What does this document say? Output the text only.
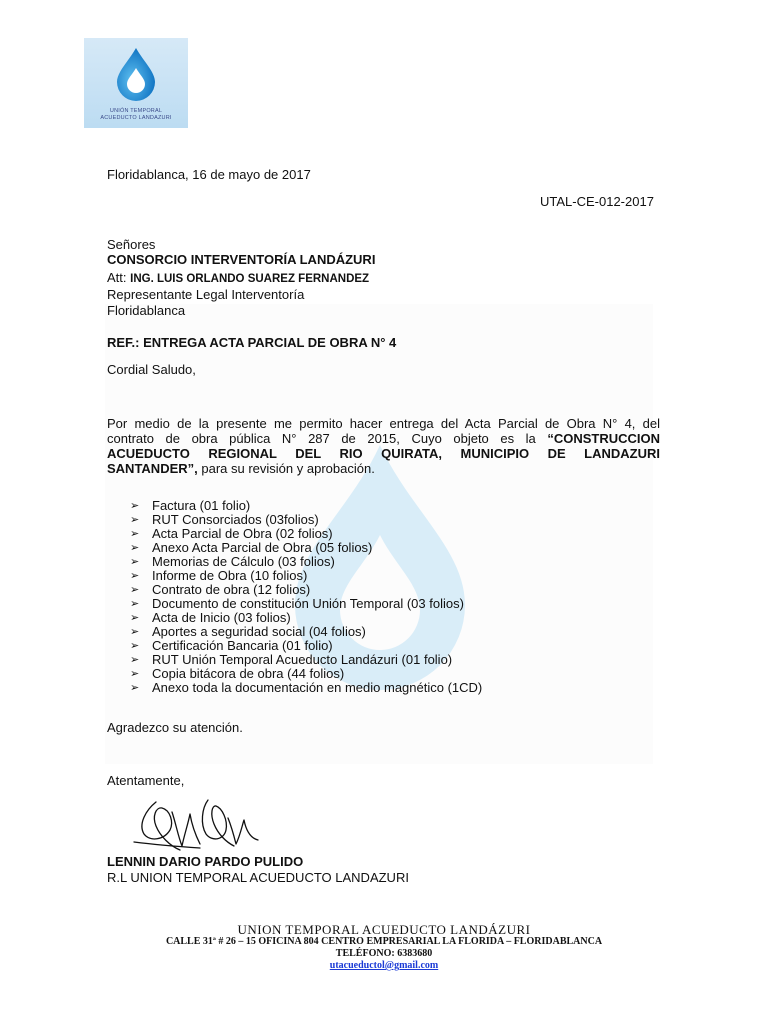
UNIÓN TEMPORAL
ACUEDUCTO LANDAZURI
Floridablanca, 16 de mayo de 2017
UTAL-CE-012-2017
Señores
CONSORCIO INTERVENTORÍA LANDÁZURI
Att: ING. LUIS ORLANDO SUAREZ FERNANDEZ
Representante Legal Interventoría
Floridablanca
REF.: ENTREGA ACTA PARCIAL DE OBRA N° 4
Cordial Saludo,
Por medio de la presente me permito hacer entrega del Acta Parcial de Obra N° 4, del
contrato de obra pública N° 287 de 2015, Cuyo objeto es la “CONSTRUCCION
ACUEDUCTO REGIONAL DEL RIO QUIRATA, MUNICIPIO DE LANDAZURI
SANTANDER”, para su revisión y aprobación.
➢ Factura (01 folio)
➢ RUT Consorciados (03folios)
➢ Acta Parcial de Obra (02 folios)
➢ Anexo Acta Parcial de Obra (05 folios)
➢ Memorias de Cálculo (03 folios)
➢ Informe de Obra (10 folios)
➢ Contrato de obra (12 folios)
➢ Documento de constitución Unión Temporal (03 folios)
➢ Acta de Inicio (03 folios)
➢ Aportes a seguridad social (04 folios)
➢ Certificación Bancaria (01 folio)
➢ RUT Unión Temporal Acueducto Landázuri (01 folio)
➢ Copia bitácora de obra (44 folios)
➢ Anexo toda la documentación en medio magnético (1CD)
Agradezco su atención.
Atentamente,
LENNIN DARIO PARDO PULIDO
R.L UNION TEMPORAL ACUEDUCTO LANDAZURI
UNION TEMPORAL ACUEDUCTO LANDÁZURI
CALLE 31ª # 26 – 15 OFICINA 804 CENTRO EMPRESARIAL LA FLORIDA – FLORIDABLANCA
TELÉFONO: 6383680
utacueductol@gmail.com
